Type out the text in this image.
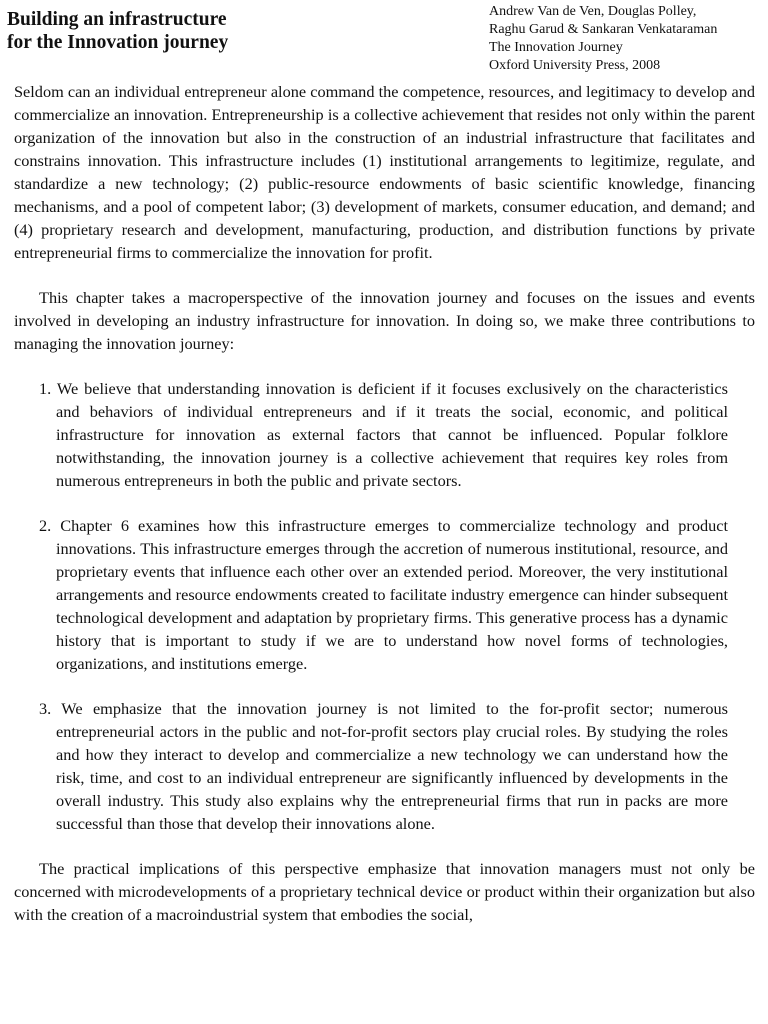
Building an infrastructure
for the Innovation journey
Andrew Van de Ven, Douglas Polley,
Raghu Garud & Sankaran Venkataraman
The Innovation Journey
Oxford University Press, 2008

Seldom can an individual entrepreneur alone command the competence, resources, and legitimacy to develop and commercialize an innovation. Entrepreneurship is a collective achievement that resides not only within the parent organization of the innovation but also in the construction of an industrial infrastructure that facilitates and constrains innovation. This infrastructure includes (1) institutional arrangements to legitimize, regulate, and standardize a new technology; (2) public-resource endowments of basic scientific knowledge, financing mechanisms, and a pool of competent labor; (3) development of markets, consumer education, and demand; and (4) proprietary research and development, manufacturing, production, and distribution functions by private entrepreneurial firms to commercialize the innovation for profit.

This chapter takes a macroperspective of the innovation journey and focuses on the issues and events involved in developing an industry infrastructure for innovation. In doing so, we make three contributions to managing the innovation journey:

1. We believe that understanding innovation is deficient if it focuses exclusively on the characteristics and behaviors of individual entrepreneurs and if it treats the social, economic, and political infrastructure for innovation as external factors that cannot be influenced. Popular folklore notwithstanding, the innovation journey is a collective achievement that requires key roles from numerous entrepreneurs in both the public and private sectors.
2. Chapter 6 examines how this infrastructure emerges to commercialize technology and product innovations. This infrastructure emerges through the accretion of numerous institutional, resource, and proprietary events that influence each other over an extended period. Moreover, the very institutional arrangements and resource endowments created to facilitate industry emergence can hinder subsequent technological development and adaptation by proprietary firms. This generative process has a dynamic history that is important to study if we are to understand how novel forms of technologies, organizations, and institutions emerge.
3. We emphasize that the innovation journey is not limited to the for-profit sector; numerous entrepreneurial actors in the public and not-for-profit sectors play crucial roles. By studying the roles and how they interact to develop and commercialize a new technology we can understand how the risk, time, and cost to an individual entrepreneur are significantly influenced by developments in the overall industry. This study also explains why the entrepreneurial firms that run in packs are more successful than those that develop their innovations alone.

The practical implications of this perspective emphasize that innovation managers must not only be concerned with microdevelopments of a proprietary technical device or product within their organization but also with the creation of a macroindustrial system that embodies the social,
